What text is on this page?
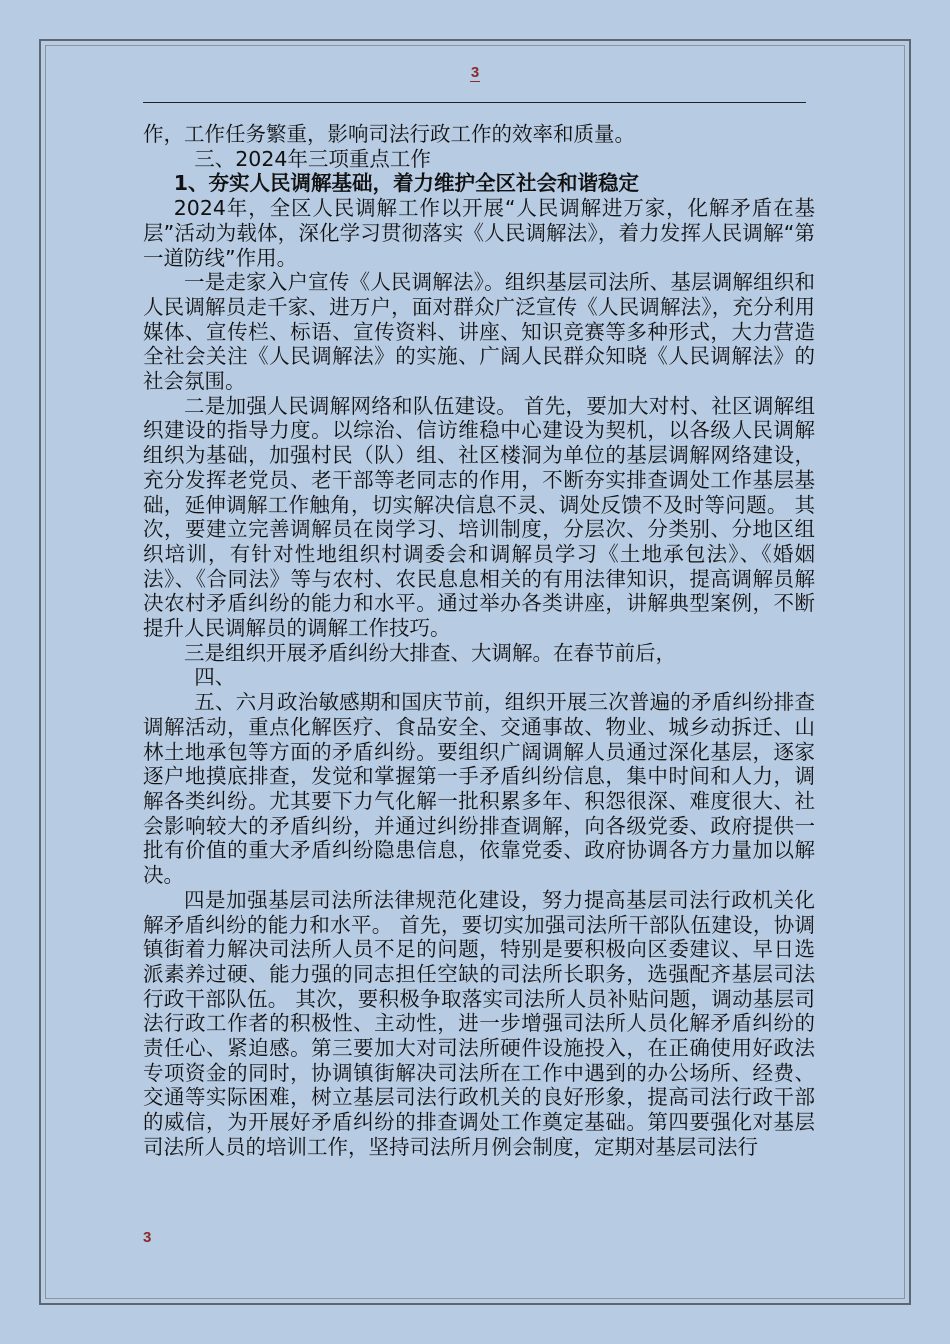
3

作，工作任务繁重，影响司法行政工作的效率和质量。

三、2024年三项重点工作

1、夯实人民调解基础，着力维护全区社会和谐稳定

2024年，全区人民调解工作以开展“人民调解进万家，化解矛盾在基层”活动为载体，深化学习贯彻落实《人民调解法》，着力发挥人民调解“第一道防线”作用。

一是走家入户宣传《人民调解法》。组织基层司法所、基层调解组织和人民调解员走千家、进万户，面对群众广泛宣传《人民调解法》，充分利用媒体、宣传栏、标语、宣传资料、讲座、知识竞赛等多种形式，大力营造全社会关注《人民调解法》的实施、广阔人民群众知晓《人民调解法》的社会氛围。

二是加强人民调解网络和队伍建设。 首先，要加大对村、社区调解组织建设的指导力度。以综治、信访维稳中心建设为契机，以各级人民调解组织为基础，加强村民（队）组、社区楼洞为单位的基层调解网络建设，充分发挥老党员、老干部等老同志的作用，不断夯实排查调处工作基层基础，延伸调解工作触角，切实解决信息不灵、调处反馈不及时等问题。 其次，要建立完善调解员在岗学习、培训制度，分层次、分类别、分地区组织培训，有针对性地组织村调委会和调解员学习《土地承包法》、《婚姻法》、《合同法》等与农村、农民息息相关的有用法律知识，提高调解员解决农村矛盾纠纷的能力和水平。通过举办各类讲座，讲解典型案例，不断提升人民调解员的调解工作技巧。

三是组织开展矛盾纠纷大排查、大调解。在春节前后，

四、

五、六月政治敏感期和国庆节前，组织开展三次普遍的矛盾纠纷排查调解活动，重点化解医疗、食品安全、交通事故、物业、城乡动拆迁、山林土地承包等方面的矛盾纠纷。要组织广阔调解人员通过深化基层，逐家逐户地摸底排查，发觉和掌握第一手矛盾纠纷信息，集中时间和人力，调解各类纠纷。尤其要下力气化解一批积累多年、积怨很深、难度很大、社会影响较大的矛盾纠纷，并通过纠纷排查调解，向各级党委、政府提供一批有价值的重大矛盾纠纷隐患信息，依靠党委、政府协调各方力量加以解决。

四是加强基层司法所法律规范化建设，努力提高基层司法行政机关化解矛盾纠纷的能力和水平。 首先，要切实加强司法所干部队伍建设，协调镇街着力解决司法所人员不足的问题，特别是要积极向区委建议、早日选派素养过硬、能力强的同志担任空缺的司法所长职务，选强配齐基层司法行政干部队伍。 其次，要积极争取落实司法所人员补贴问题，调动基层司法行政工作者的积极性、主动性，进一步增强司法所人员化解矛盾纠纷的责任心、紧迫感。第三要加大对司法所硬件设施投入，在正确使用好政法专项资金的同时，协调镇街解决司法所在工作中遇到的办公场所、经费、交通等实际困难，树立基层司法行政机关的良好形象，提高司法行政干部的威信，为开展好矛盾纠纷的排查调处工作奠定基础。第四要强化对基层司法所人员的培训工作，坚持司法所月例会制度，定期对基层司法行

3
